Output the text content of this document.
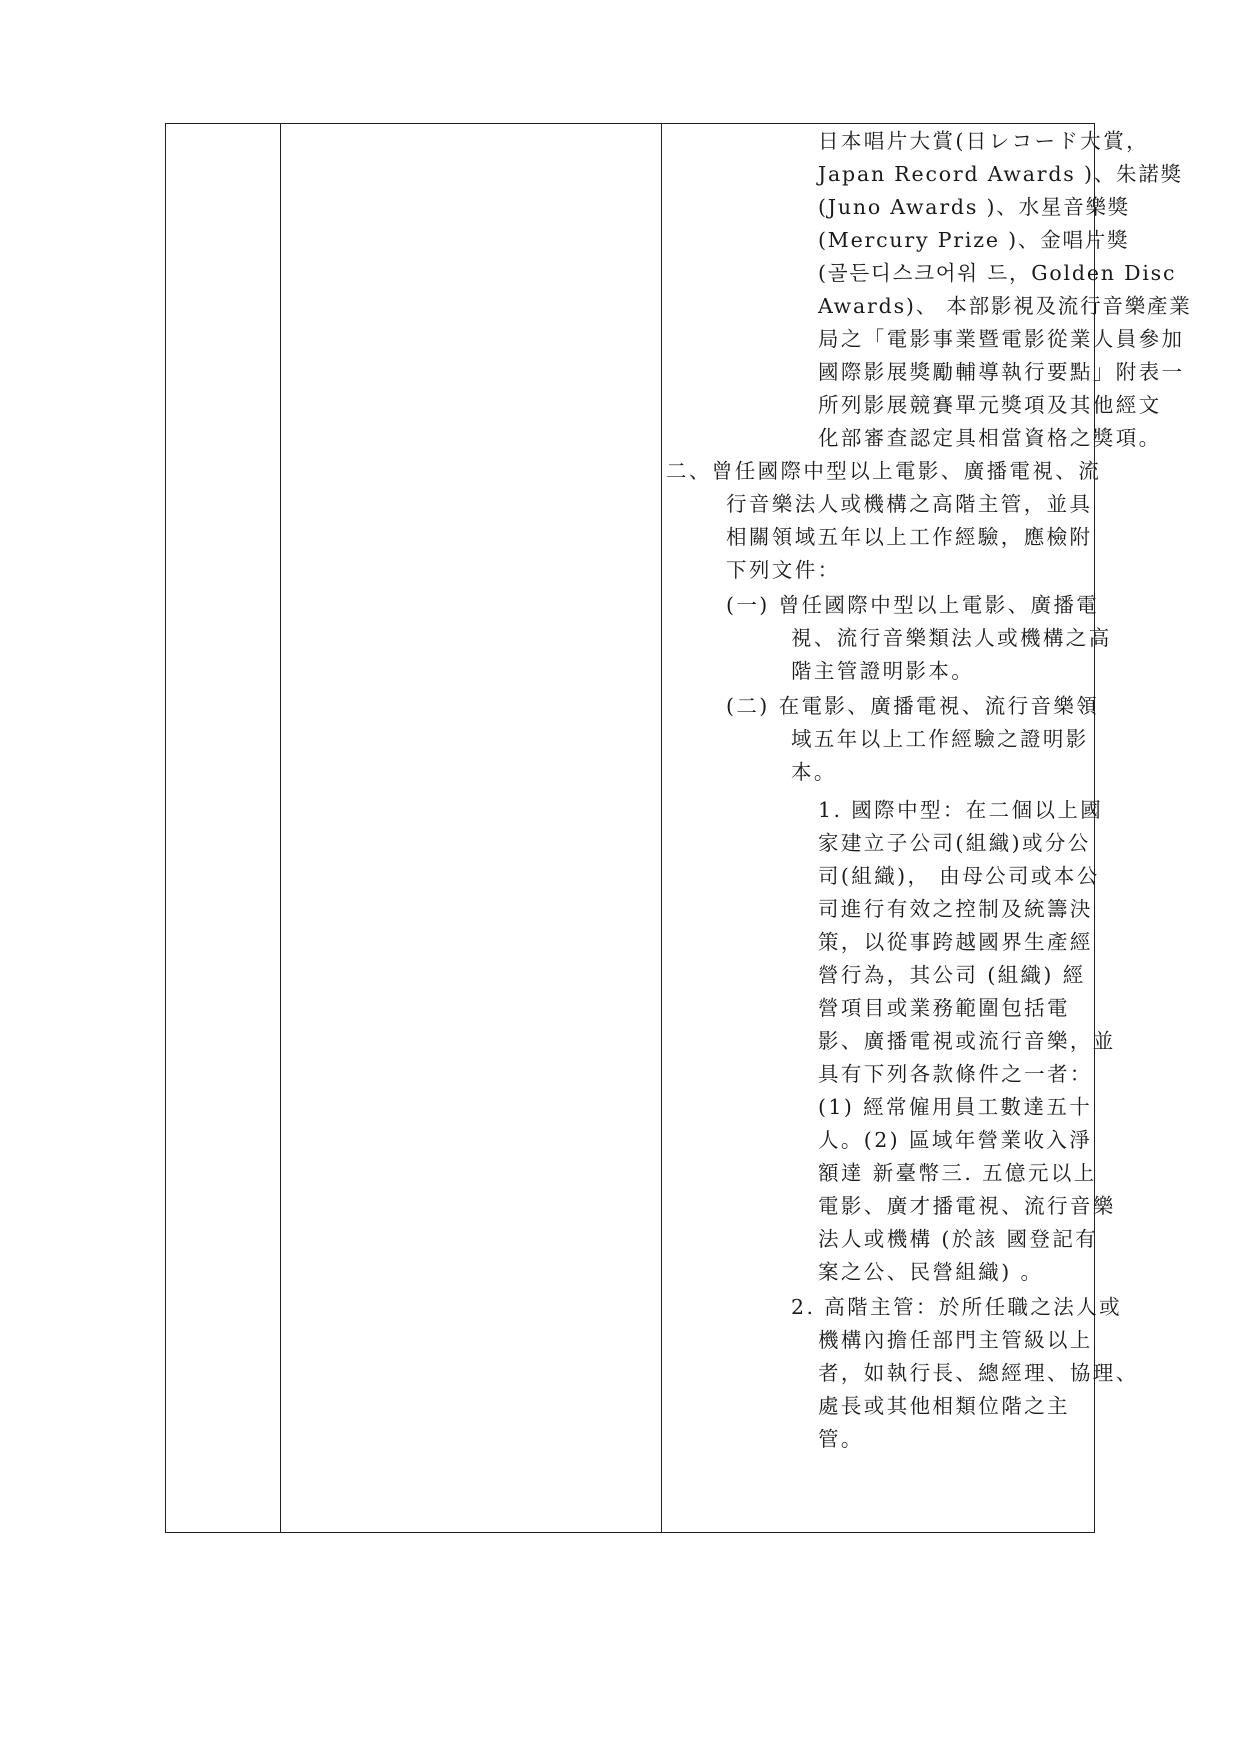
日本唱片大賞(日レコード大賞，
Japan Record Awards )、朱諾獎
(Juno Awards )、水星音樂獎
(Mercury Prize )、金唱片獎
(골든디스크어워 드，Golden Disc
Awards)、 本部影視及流行音樂產業
局之「電影事業暨電影從業人員參加
國際影展獎勵輔導執行要點」附表一
所列影展競賽單元獎項及其他經文
化部審查認定具相當資格之獎項。
二、曾任國際中型以上電影、廣播電視、流
行音樂法人或機構之高階主管，並具
相關領域五年以上工作經驗，應檢附
下列文件：
(一) 曾任國際中型以上電影、廣播電
視、流行音樂類法人或機構之高
階主管證明影本。
(二) 在電影、廣播電視、流行音樂領
域五年以上工作經驗之證明影
本。
1. 國際中型：在二個以上國
家建立子公司(組織)或分公
司(組織)， 由母公司或本公
司進行有效之控制及統籌決
策，以從事跨越國界生產經
營行為，其公司 (組織) 經
營項目或業務範圍包括電
影、廣播電視或流行音樂，並
具有下列各款條件之一者：
(1) 經常僱用員工數達五十
人。(2) 區域年營業收入淨
額達 新臺幣三. 五億元以上
電影、廣才播電視、流行音樂
法人或機構 (於該 國登記有
案之公、民營組織) 。
2. 高階主管：於所任職之法人或
機構內擔任部門主管級以上
者，如執行長、總經理、協理、
處長或其他相類位階之主
管。
